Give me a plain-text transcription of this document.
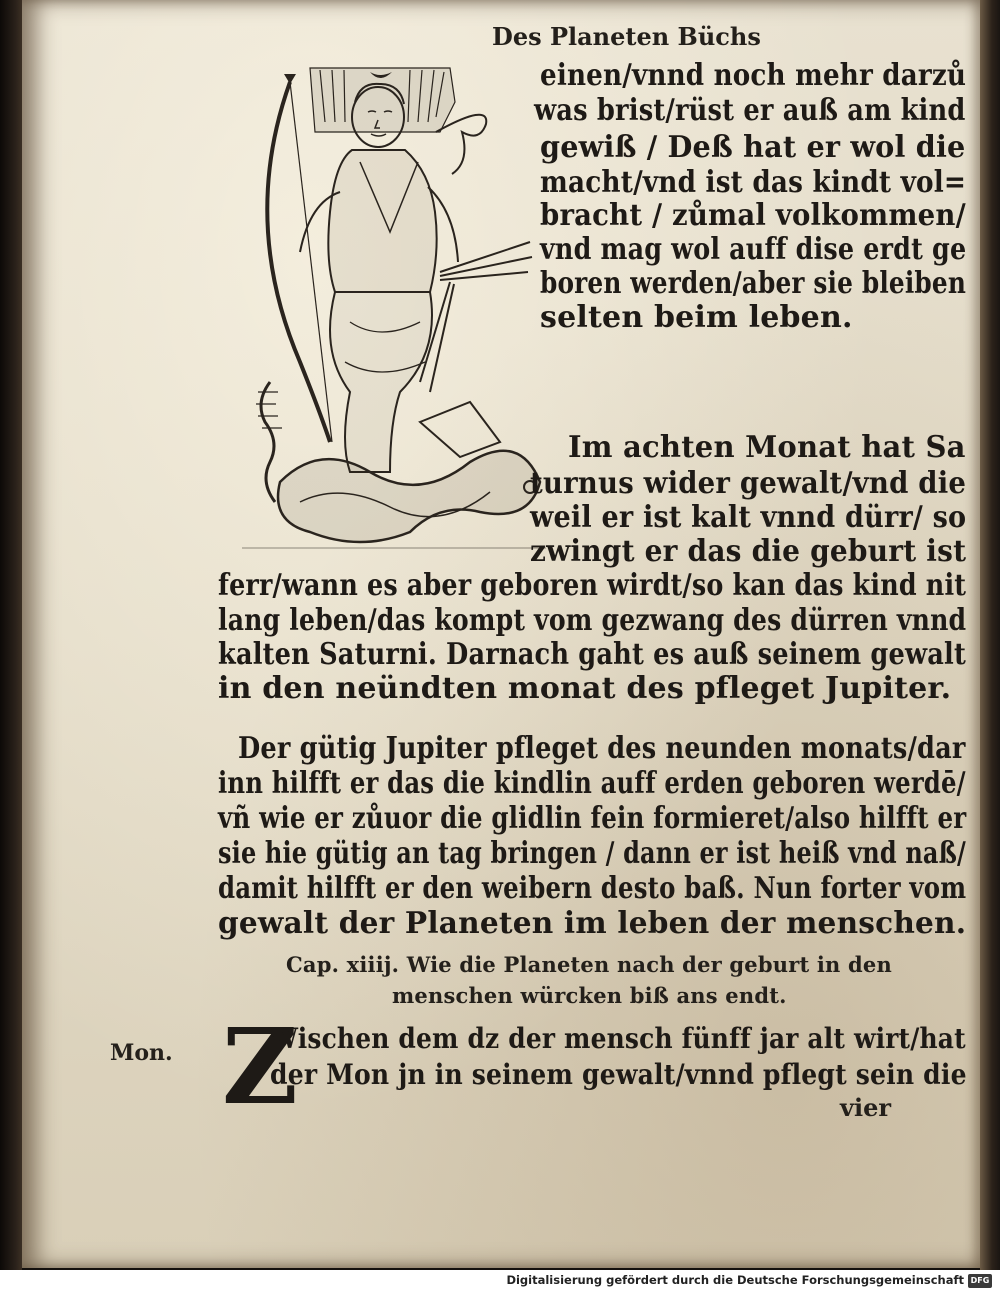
Des Planeten Büchs

einen/vnnd noch mehr darzů

was brist/rüst er auß am kind

gewiß / Deß hat er wol die

macht/vnd ist das kindt vol=

bracht / zůmal volkommen/

vnd mag wol auff dise erdt ge

boren werden/aber sie bleiben

selten beim leben.

Im achten Monat hat Sa

turnus wider gewalt/vnd die

weil er ist kalt vnnd dürr/ so

zwingt er das die geburt ist

ferr/wann es aber geboren wirdt/so kan das kind nit

lang leben/das kompt vom gezwang des dürren vnnd

kalten Saturni. Darnach gaht es auß seinem gewalt

in den neündten monat des pfleget Jupiter.

Der gütig Jupiter pfleget des neunden monats/dar

inn hilfft er das die kindlin auff erden geboren werdē/

vñ wie er zůuor die glidlin fein formieret/also hilfft er

sie hie gütig an tag bringen / dann er ist heiß vnd naß/

damit hilfft er den weibern desto baß. Nun forter vom

gewalt der Planeten im leben der menschen.

Cap. xiiij. Wie die Planeten nach der geburt in den

menschen würcken biß ans endt.

Mon. Z

Wischen dem dz der mensch fünff jar alt wirt/hat

der Mon jn in seinem gewalt/vnnd pflegt sein die

vier

Digitalisierung gefördert durch die Deutsche Forschungsgemeinschaft DFG
